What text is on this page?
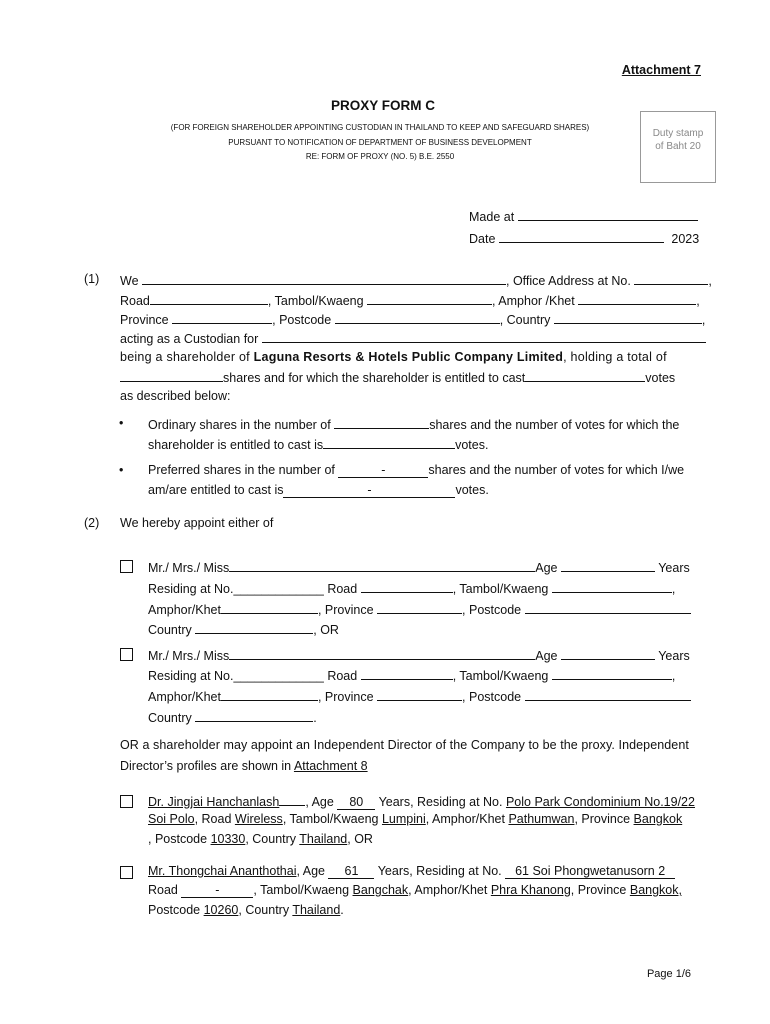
Attachment 7
PROXY FORM C
(FOR FOREIGN SHAREHOLDER APPOINTING CUSTODIAN IN THAILAND TO KEEP AND SAFEGUARD SHARES)
PURSUANT TO NOTIFICATION OF DEPARTMENT OF BUSINESS DEVELOPMENT
RE: FORM OF PROXY (NO. 5) B.E. 2550
Duty stamp
of Baht 20
Made at
Date	2023
(1) We	, Office Address at No.	,
Road	, Tambol/Kwaeng	, Amphor /Khet	,
Province	, Postcode	, Country	,
acting as a Custodian for
being a shareholder of Laguna Resorts & Hotels Public Company Limited, holding a total of
shares and for which the shareholder is entitled to cast	votes
as described below:
• Ordinary shares in the number of	shares and the number of votes for which the
shareholder is entitled to cast is	votes.
• Preferred shares in the number of	-	shares and the number of votes for which I/we
am/are entitled to cast is	-	votes.
(2) We hereby appoint either of
Mr./ Mrs./ Miss	Age	Years
Residing at No._____________ Road	, Tambol/Kwaeng	,
Amphor/Khet	, Province	, Postcode
Country	, OR
Mr./ Mrs./ Miss	Age	Years
Residing at No._____________ Road	, Tambol/Kwaeng	,
Amphor/Khet	, Province	, Postcode
Country	.
OR a shareholder may appoint an Independent Director of the Company to be the proxy. Independent
Director’s profiles are shown in Attachment 8
Dr. Jingjai Hanchanlash , Age 80 Years, Residing at No. Polo Park Condominium No.19/22
Soi Polo, Road Wireless, Tambol/Kwaeng Lumpini, Amphor/Khet Pathumwan, Province Bangkok
, Postcode 10330, Country Thailand, OR
Mr. Thongchai Ananthothai, Age 61 Years, Residing at No. 61 Soi Phongwetanusorn 2
Road	-	, Tambol/Kwaeng Bangchak, Amphor/Khet Phra Khanong, Province Bangkok,
Postcode 10260, Country Thailand.
Page 1/6
